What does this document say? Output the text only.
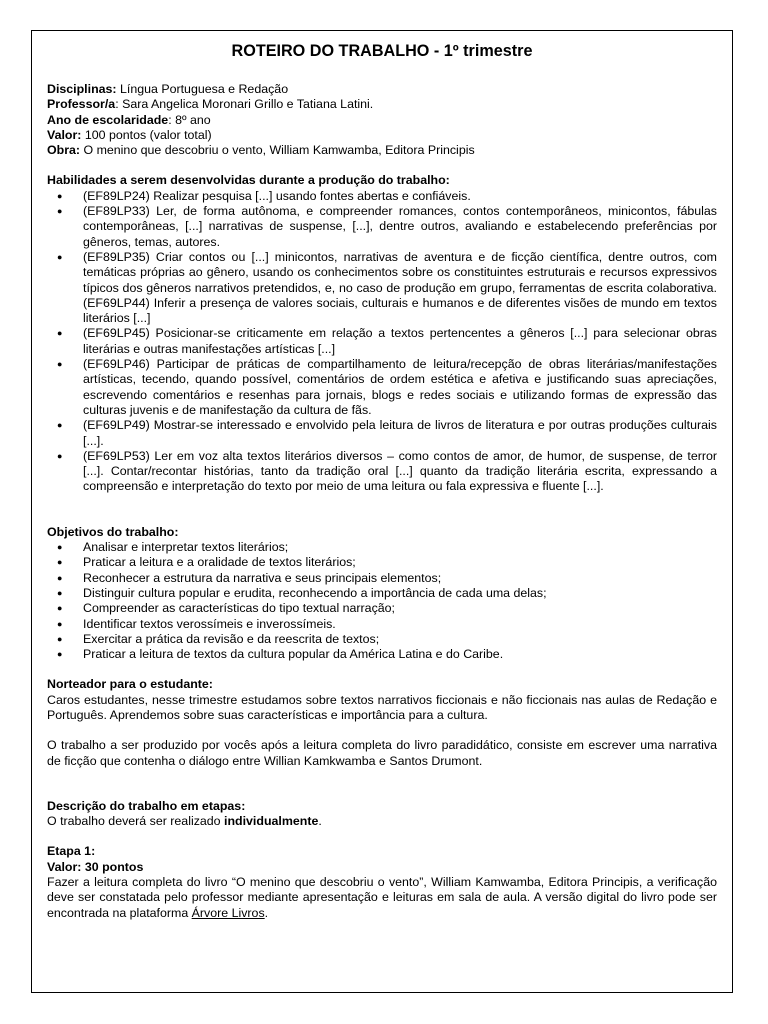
ROTEIRO DO TRABALHO - 1º trimestre

Disciplinas: Língua Portuguesa e Redação

Professor/a: Sara Angelica Moronari Grillo e Tatiana Latini.

Ano de escolaridade: 8º ano

Valor: 100 pontos (valor total)

Obra: O menino que descobriu o vento, William Kamwamba, Editora Principis

Habilidades a serem desenvolvidas durante a produção do trabalho:

● (EF89LP24) Realizar pesquisa [...] usando fontes abertas e confiáveis.
● (EF89LP33) Ler, de forma autônoma, e compreender romances, contos contemporâneos, minicontos, fábulas contemporâneas, [...] narrativas de suspense, [...], dentre outros, avaliando e estabelecendo preferências por gêneros, temas, autores.
● (EF89LP35) Criar contos ou [...] minicontos, narrativas de aventura e de ficção científica, dentre outros, com temáticas próprias ao gênero, usando os conhecimentos sobre os constituintes estruturais e recursos expressivos típicos dos gêneros narrativos pretendidos, e, no caso de produção em grupo, ferramentas de escrita colaborativa. (EF69LP44) Inferir a presença de valores sociais, culturais e humanos e de diferentes visões de mundo em textos literários [...]
● (EF69LP45) Posicionar-se criticamente em relação a textos pertencentes a gêneros [...] para selecionar obras literárias e outras manifestações artísticas [...]
● (EF69LP46) Participar de práticas de compartilhamento de leitura/recepção de obras literárias/manifestações artísticas, tecendo, quando possível, comentários de ordem estética e afetiva e justificando suas apreciações, escrevendo comentários e resenhas para jornais, blogs e redes sociais e utilizando formas de expressão das culturas juvenis e de manifestação da cultura de fãs.
● (EF69LP49) Mostrar-se interessado e envolvido pela leitura de livros de literatura e por outras produções culturais [...].
● (EF69LP53) Ler em voz alta textos literários diversos – como contos de amor, de humor, de suspense, de terror [...]. Contar/recontar histórias, tanto da tradição oral [...] quanto da tradição literária escrita, expressando a compreensão e interpretação do texto por meio de uma leitura ou fala expressiva e fluente [...].

Objetivos do trabalho:

● Analisar e interpretar textos literários;
● Praticar a leitura e a oralidade de textos literários;
● Reconhecer a estrutura da narrativa e seus principais elementos;
● Distinguir cultura popular e erudita, reconhecendo a importância de cada uma delas;
● Compreender as características do tipo textual narração;
● Identificar textos verossímeis e inverossímeis.
● Exercitar a prática da revisão e da reescrita de textos;
● Praticar a leitura de textos da cultura popular da América Latina e do Caribe.

Norteador para o estudante:

Caros estudantes, nesse trimestre estudamos sobre textos narrativos ficcionais e não ficcionais nas aulas de Redação e Português. Aprendemos sobre suas características e importância para a cultura.

O trabalho a ser produzido por vocês após a leitura completa do livro paradidático, consiste em escrever uma narrativa de ficção que contenha o diálogo entre Willian Kamkwamba e Santos Drumont.

Descrição do trabalho em etapas:

O trabalho deverá ser realizado individualmente.

Etapa 1:

Valor: 30 pontos

Fazer a leitura completa do livro “O menino que descobriu o vento”, William Kamwamba, Editora Principis, a verificação deve ser constatada pelo professor mediante apresentação e leituras em sala de aula. A versão digital do livro pode ser encontrada na plataforma Árvore Livros.
